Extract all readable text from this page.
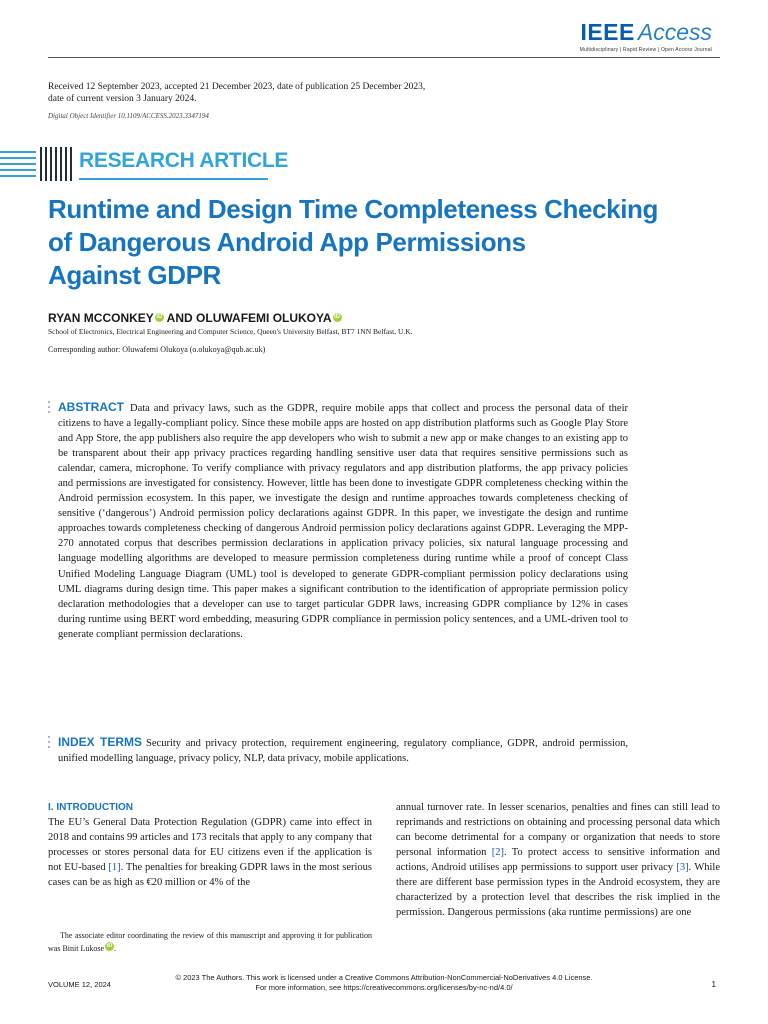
IEEE Access
Multidisciplinary | Rapid Review | Open Access Journal
Received 12 September 2023, accepted 21 December 2023, date of publication 25 December 2023,
date of current version 3 January 2024.
Digital Object Identifier 10.1109/ACCESS.2023.3347194
RESEARCH ARTICLE
Runtime and Design Time Completeness Checking
of Dangerous Android App Permissions
Against GDPR
RYAN MCCONKEY iD AND OLUWAFEMI OLUKOYA iD
School of Electronics, Electrical Engineering and Computer Science, Queen's University Belfast, BT7 1NN Belfast, U.K.
Corresponding author: Oluwafemi Olukoya (o.olukoya@qub.ac.uk)
ABSTRACT Data and privacy laws, such as the GDPR, require mobile apps that collect and process the personal data of their citizens to have a legally-compliant policy. Since these mobile apps are hosted on app distribution platforms such as Google Play Store and App Store, the app publishers also require the app developers who wish to submit a new app or make changes to an existing app to be transparent about their app privacy practices regarding handling sensitive user data that requires sensitive permissions such as calendar, camera, microphone. To verify compliance with privacy regulators and app distribution platforms, the app privacy policies and permissions are investigated for consistency. However, little has been done to investigate GDPR completeness checking within the Android permission ecosystem. In this paper, we investigate the design and runtime approaches towards completeness checking of sensitive (‘dangerous’) Android permission policy declarations against GDPR. In this paper, we investigate the design and runtime approaches towards completeness checking of dangerous Android permission policy declarations against GDPR. Leveraging the MPP-270 annotated corpus that describes permission declarations in application privacy policies, six natural language processing and language modelling algorithms are developed to measure permission completeness during runtime while a proof of concept Class Unified Modeling Language Diagram (UML) tool is developed to generate GDPR-compliant permission policy declarations using UML diagrams during design time. This paper makes a significant contribution to the identification of appropriate permission policy declaration methodologies that a developer can use to target particular GDPR laws, increasing GDPR compliance by 12% in cases during runtime using BERT word embedding, measuring GDPR compliance in permission policy sentences, and a UML-driven tool to generate compliant permission declarations.
INDEX TERMS Security and privacy protection, requirement engineering, regulatory compliance, GDPR, android permission, unified modelling language, privacy policy, NLP, data privacy, mobile applications.
I. INTRODUCTION
The EU’s General Data Protection Regulation (GDPR) came into effect in 2018 and contains 99 articles and 173 recitals that apply to any company that processes or stores personal data for EU citizens even if the application is not EU-based [1]. The penalties for breaking GDPR laws in the most serious cases can be as high as €20 million or 4% of the
annual turnover rate. In lesser scenarios, penalties and fines can still lead to reprimands and restrictions on obtaining and processing personal data which can become detrimental for a company or organization that needs to store personal information [2]. To protect access to sensitive information and actions, Android utilises app permissions to support user privacy [3]. While there are different base permission types in the Android ecosystem, they are characterized by a protection level that describes the risk implied in the permission. Dangerous permissions (aka runtime permissions) are one
The associate editor coordinating the review of this manuscript and approving it for publication was Binit Lukose iD .
VOLUME 12, 2024
© 2023 The Authors. This work is licensed under a Creative Commons Attribution-NonCommercial-NoDerivatives 4.0 License.
For more information, see https://creativecommons.org/licenses/by-nc-nd/4.0/	1
